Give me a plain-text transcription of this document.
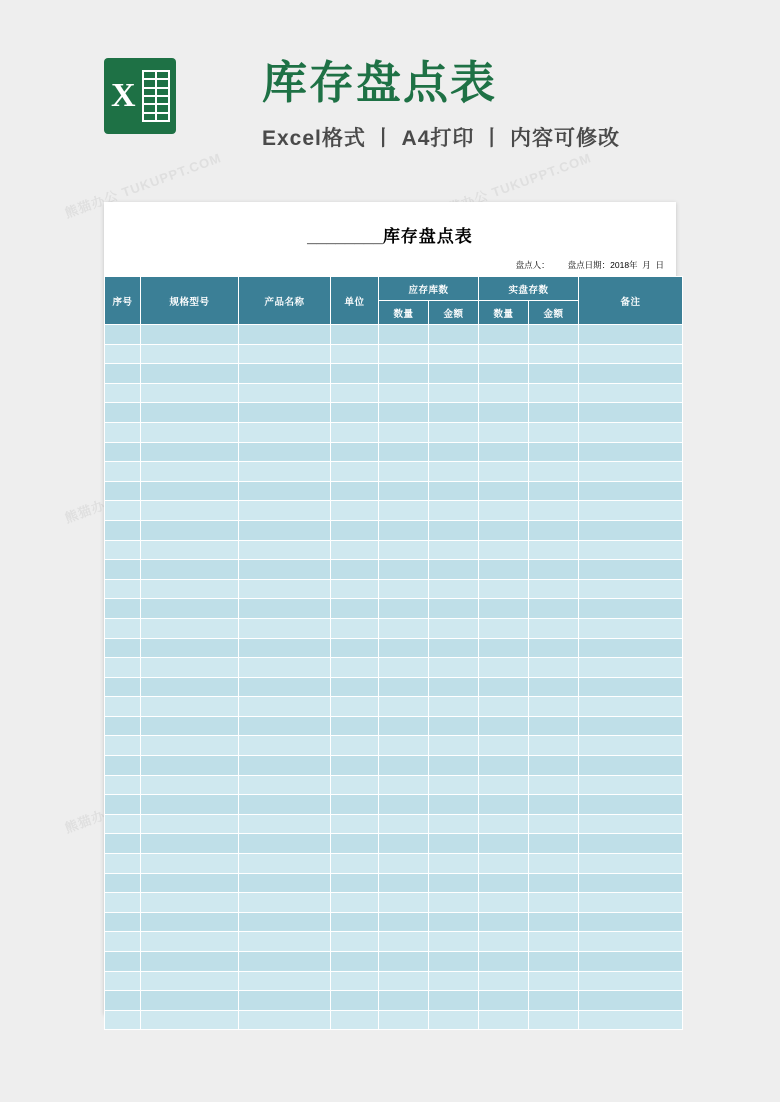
熊猫办公 TUKUPPT.COM	熊猫办公 TUKUPPT.COM
熊猫办公
熊猫办公
X	库存盘点表
Excel格式 丨 A4打印 丨 内容可修改
________库存盘点表
盘点人： 盘点日期：2018年  月  日
序号	规格型号	产品名称	单位	应存库数		实盘存数		备注
				数量	金额	数量	金额	
